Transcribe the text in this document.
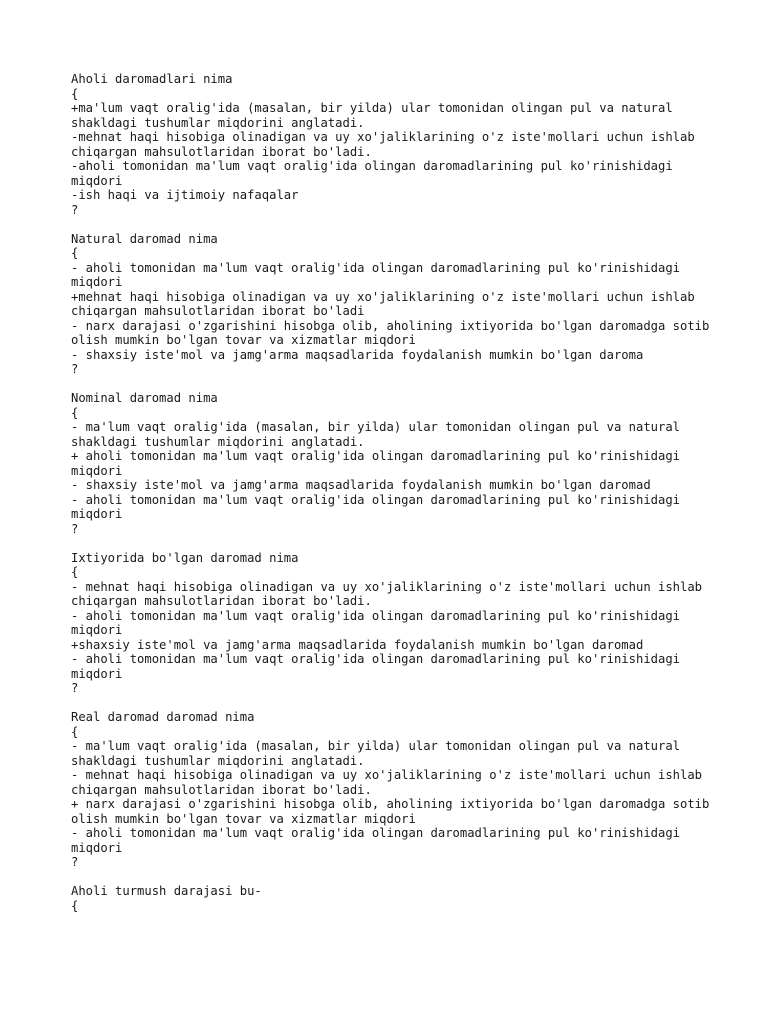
Aholi daromadlari nima
{
+ma'lum vaqt oralig'ida (masalan, bir yilda) ular tomonidan olingan pul va natural shakldagi tushumlar miqdorini anglatadi.
-mehnat haqi hisobiga olinadigan va uy xo'jaliklarining o'z iste'mollari uchun ishlab chiqargan mahsulotlaridan iborat bo'ladi.
-aholi tomonidan ma'lum vaqt oralig'ida olingan daromadlarining pul ko'rinishidagi miqdori
-ish haqi va ijtimoiy nafaqalar
?
Natural daromad nima
{
- aholi tomonidan ma'lum vaqt oralig'ida olingan daromadlarining pul ko'rinishidagi miqdori
+mehnat haqi hisobiga olinadigan va uy xo'jaliklarining o'z iste'mollari uchun ishlab chiqargan mahsulotlaridan iborat bo'ladi
- narx darajasi o'zgarishini hisobga olib, aholining ixtiyorida bo'lgan daromadga sotib olish mumkin bo'lgan tovar va xizmatlar miqdori
- shaxsiy iste'mol va jamg'arma maqsadlarida foydalanish mumkin bo'lgan daroma
?
Nominal daromad nima
{
- ma'lum vaqt oralig'ida (masalan, bir yilda) ular tomonidan olingan pul va natural shakldagi tushumlar miqdorini anglatadi.
+ aholi tomonidan ma'lum vaqt oralig'ida olingan daromadlarining pul ko'rinishidagi miqdori
- shaxsiy iste'mol va jamg'arma maqsadlarida foydalanish mumkin bo'lgan daromad
- aholi tomonidan ma'lum vaqt oralig'ida olingan daromadlarining pul ko'rinishidagi miqdori
?
Ixtiyorida bo'lgan daromad nima
{
- mehnat haqi hisobiga olinadigan va uy xo'jaliklarining o'z iste'mollari uchun ishlab chiqargan mahsulotlaridan iborat bo'ladi.
- aholi tomonidan ma'lum vaqt oralig'ida olingan daromadlarining pul ko'rinishidagi miqdori
+shaxsiy iste'mol va jamg'arma maqsadlarida foydalanish mumkin bo'lgan daromad
- aholi tomonidan ma'lum vaqt oralig'ida olingan daromadlarining pul ko'rinishidagi miqdori
?
Real daromad daromad nima
{
- ma'lum vaqt oralig'ida (masalan, bir yilda) ular tomonidan olingan pul va natural shakldagi tushumlar miqdorini anglatadi.
- mehnat haqi hisobiga olinadigan va uy xo'jaliklarining o'z iste'mollari uchun ishlab chiqargan mahsulotlaridan iborat bo'ladi.
+ narx darajasi o'zgarishini hisobga olib, aholining ixtiyorida bo'lgan daromadga sotib olish mumkin bo'lgan tovar va xizmatlar miqdori
- aholi tomonidan ma'lum vaqt oralig'ida olingan daromadlarining pul ko'rinishidagi miqdori
?
Aholi turmush darajasi bu-
{
